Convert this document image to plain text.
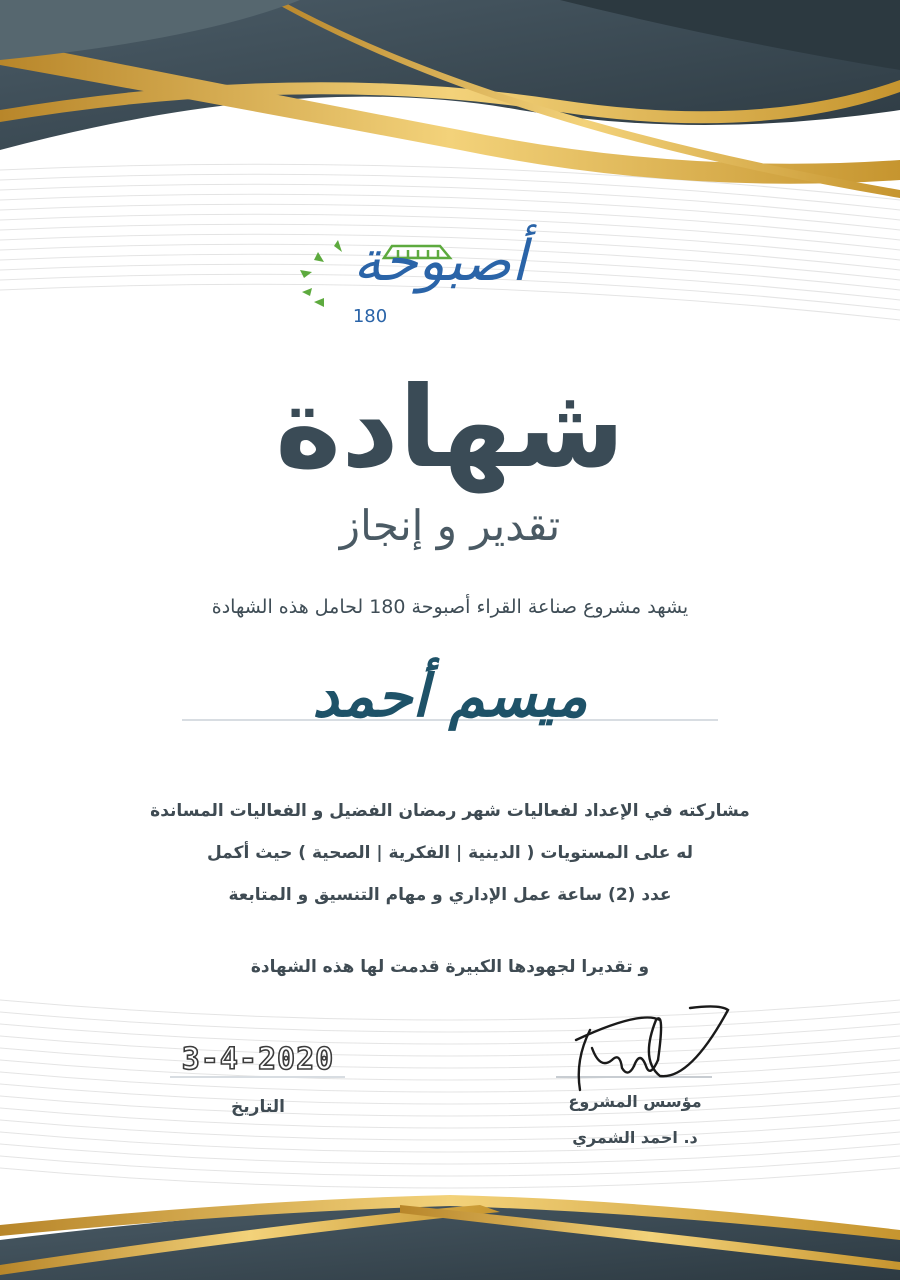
أصبوحة
180
شهادة
تقدير و إنجاز
يشهد مشروع صناعة القراء أصبوحة 180 لحامل هذه الشهادة
ميسم أحمد
مشاركته في الإعداد لفعاليات شهر رمضان الفضيل و الفعاليات المساندة
له على المستويات ( الدينية | الفكرية | الصحية ) حيث أكمل
عدد (2) ساعة عمل الإداري و مهام التنسيق و المتابعة
و تقديرا لجهودها الكبيرة قدمت لها هذه الشهادة
3-4-2020
التاريخ	مؤسس المشروع
د. احمد الشمري
